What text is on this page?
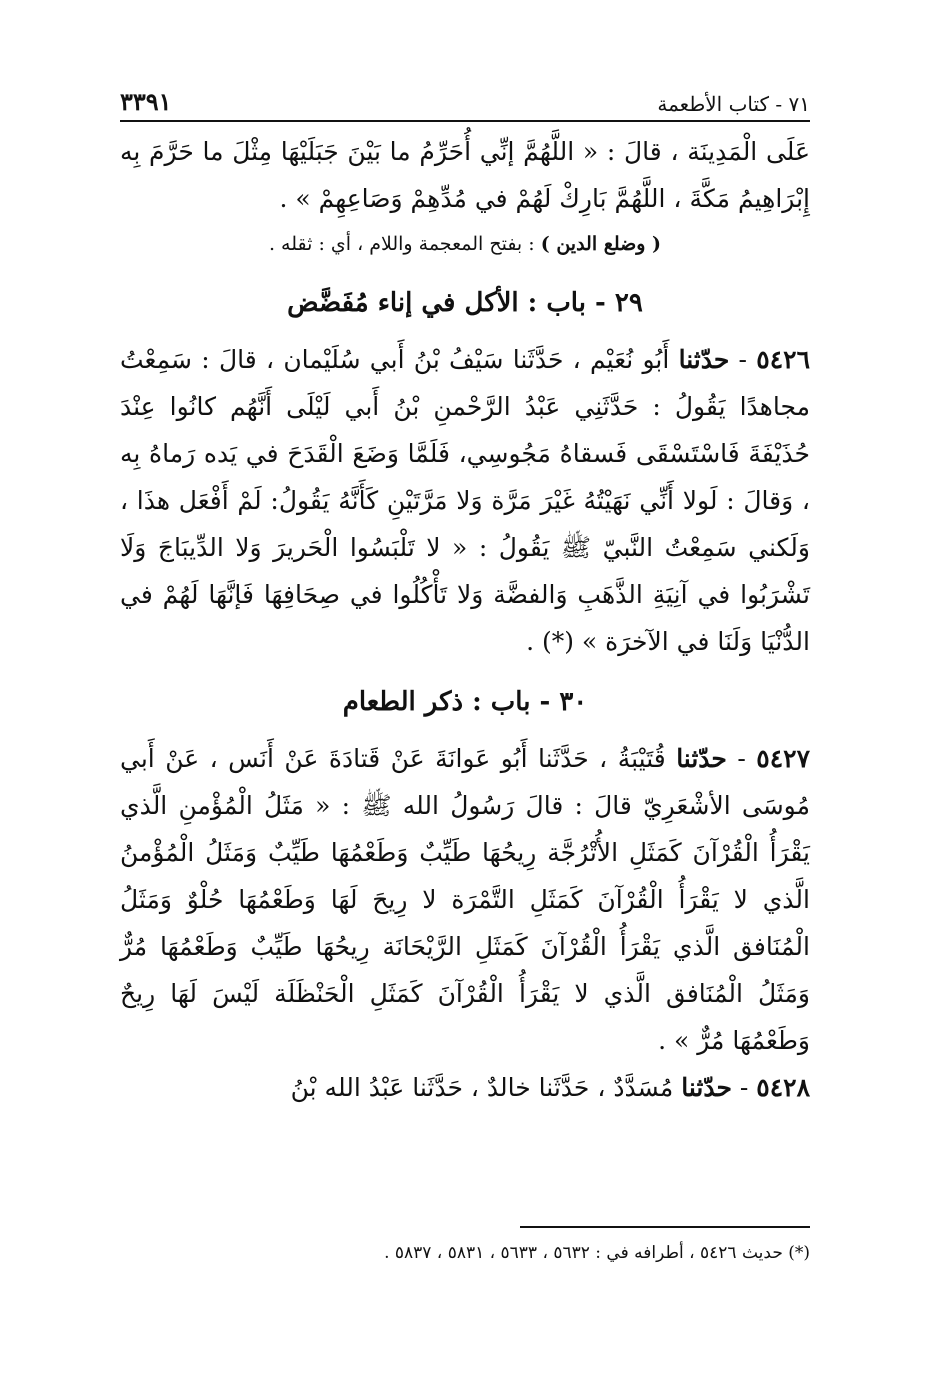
٧١ - كتاب الأطعمة
٣٣٩١

عَلَى الْمَدِينَة ، قالَ : « اللَّهُمَّ إنِّي أُحَرِّمُ ما بَيْنَ جَبَلَيْهَا مِثْلَ ما حَرَّمَ بِه إِبْرَاهِيمُ مَكَّةَ ، اللَّهُمَّ بَارِكْ لَهُمْ في مُدِّهِمْ وَصَاعِهِمْ » .

( وضلع الدين ) : بفتح المعجمة واللام ، أي : ثقله .

٢٩ - باب : الأكل في إناء مُفَضَّض

٥٤٢٦ - حدّثنا أَبُو نُعَيْم ، حَدَّثَنا سَيْفُ بْنُ أَبي سُلَيْمان ، قالَ : سَمِعْتُ مجاهدًا يَقُولُ : حَدَّثَنِي عَبْدُ الرَّحْمنِ بْنُ أَبي لَيْلَى أَنَّهُم كانُوا عِنْدَ حُذَيْفَةَ فَاسْتَسْقَى فَسقاهُ مَجُوسِي، فَلَمَّا وَضَعَ الْقَدَحَ في يَده رَماهُ بِه ، وَقالَ : لَولا أَنِّي نَهَيْتُهُ غَيْرَ مَرَّة وَلا مَرَّتَيْنِ كَأَنَّهُ يَقُولُ: لَمْ أَفْعَل هذَا ، وَلَكني سَمِعْتُ النَّبيّ ﷺ يَقُولُ : « لا تَلْبَسُوا الْحَريرَ وَلا الدِّيبَاجَ وَلَا تَشْرَبُوا في آنِيَةِ الذَّهَبِ وَالفضَّة وَلا تَأْكُلُوا في صِحَافِهَا فَإنَّهَا لَهُمْ في الدُّنْيَا وَلَنَا في الآخرَة » (*) .

٣٠ - باب : ذكر الطعام

٥٤٢٧ - حدّثنا قُتَيْبَةُ ، حَدَّثَنا أَبُو عَوانَةَ عَنْ قَتادَةَ عَنْ أَنَس ، عَنْ أَبي مُوسَى الأشْعَرِيّ قالَ : قالَ رَسُولُ الله ﷺ : « مَثَلُ الْمُؤْمنِ الَّذي يَقْرَأُ الْقُرْآنَ كَمَثَلِ الأُتْرُجَّة رِيحُهَا طَيِّبٌ وَطَعْمُهَا طَيِّبٌ وَمَثَلُ الْمُؤْمنُ الَّذي لا يَقْرَأُ الْقُرْآنَ كَمَثَلِ التَّمْرَة لا رِيحَ لَهَا وَطَعْمُهَا حُلْوٌ وَمَثَلُ الْمُنَافق الَّذي يَقْرَأُ الْقُرْآنَ كَمَثَلِ الرَّيْحَانَة رِيحُهَا طَيِّبٌ وَطَعْمُهَا مُرٌّ وَمَثَلُ الْمُنَافق الَّذي لا يَقْرَأُ الْقُرْآنَ كَمَثَلِ الْحَنْظَلَة لَيْسَ لَهَا رِيحٌ وَطَعْمُهَا مُرٌّ » .

٥٤٢٨ - حدّثنا مُسَدَّدٌ ، حَدَّثَنا خالدٌ ، حَدَّثَنا عَبْدُ الله بْنُ

(*) حديث ٥٤٢٦ ، أطرافه في : ٥٦٣٢ ، ٥٦٣٣ ، ٥٨٣١ ، ٥٨٣٧ .
